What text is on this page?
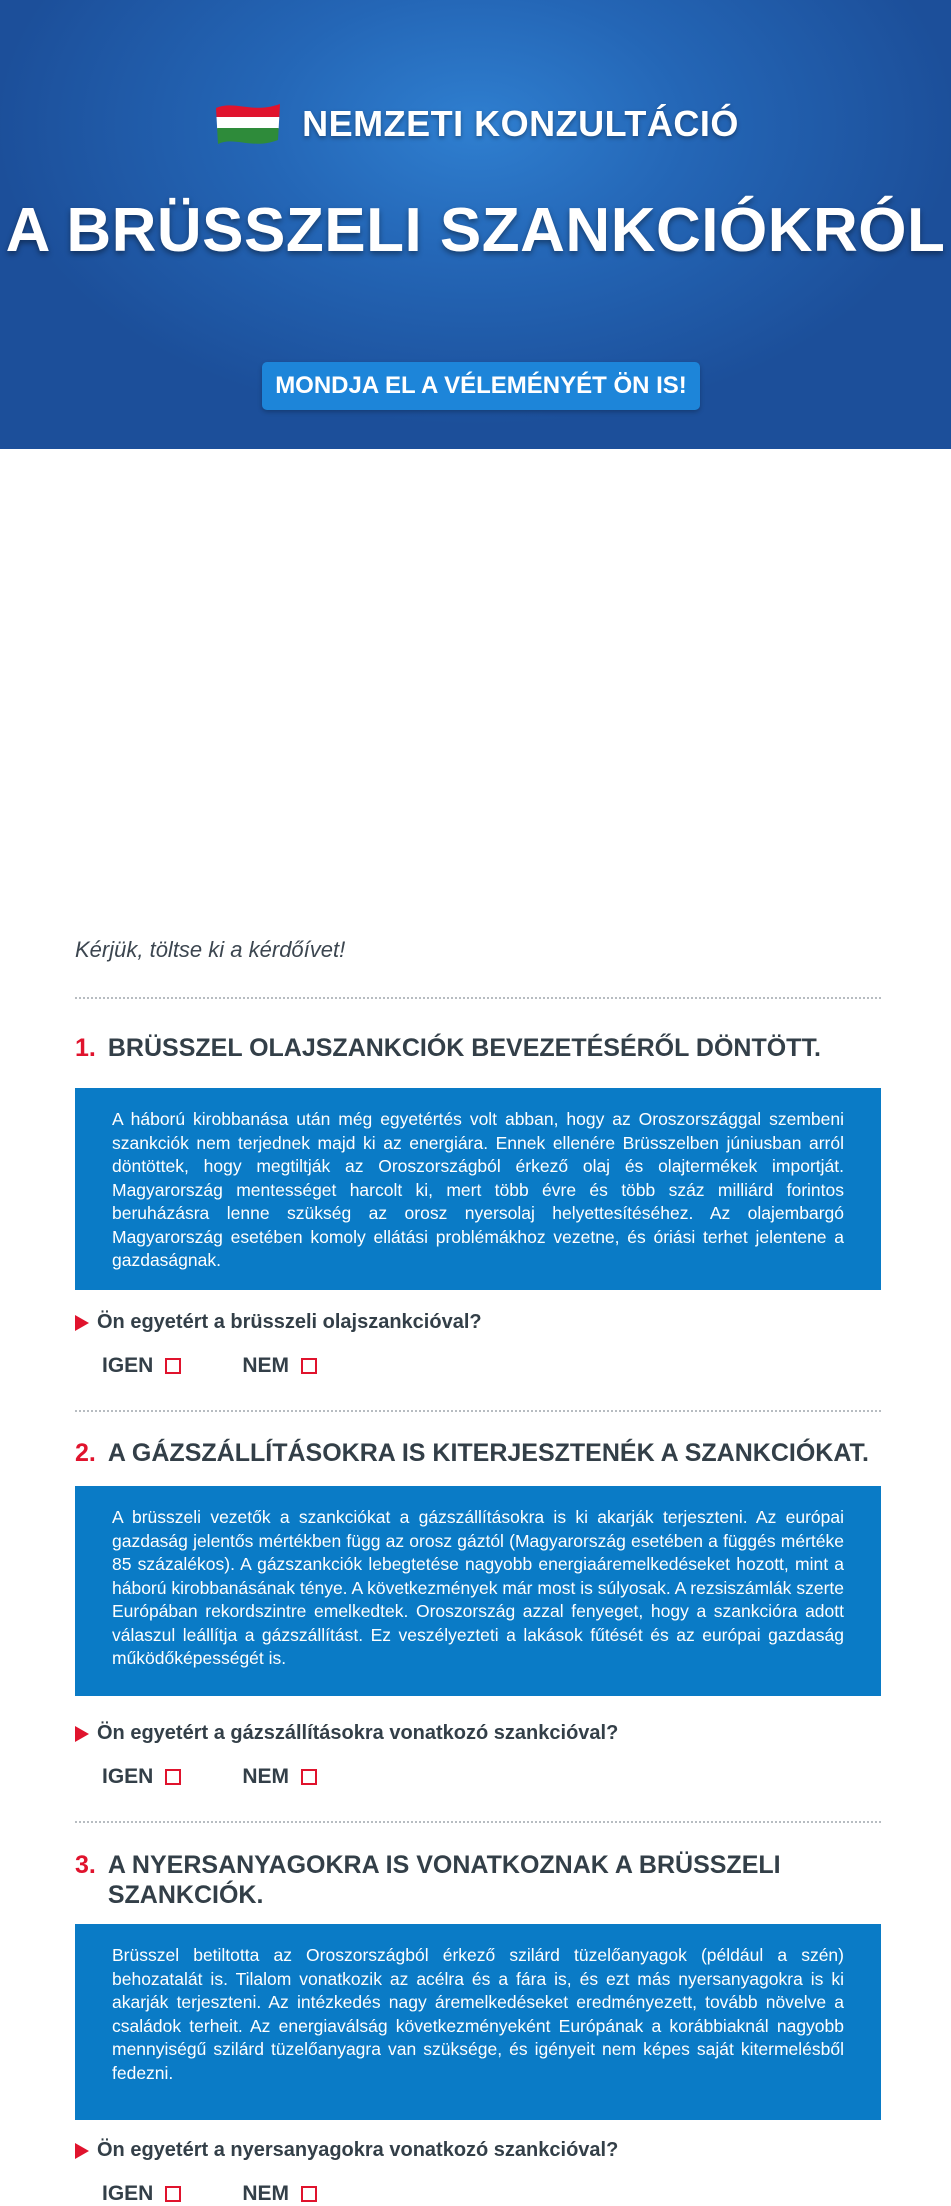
NEMZETI KONZULTÁCIÓ
A BRÜSSZELI SZANKCIÓKRÓL
MONDJA EL A VÉLEMÉNYÉT ÖN IS!
Kérjük, töltse ki a kérdőívet!
1. BRÜSSZEL OLAJSZANKCIÓK BEVEZETÉSÉRŐL DÖNTÖTT.
A háború kirobbanása után még egyetértés volt abban, hogy az Oroszországgal szembeni szankciók nem terjednek majd ki az energiára. Ennek ellenére Brüsszelben júniusban arról döntöttek, hogy megtiltják az Oroszországból érkező olaj és olajtermékek importját. Magyarország mentességet harcolt ki, mert több évre és több száz milliárd forintos beruházásra lenne szükség az orosz nyersolaj helyettesítéséhez. Az olajembargó Magyarország esetében komoly ellátási problémákhoz vezetne, és óriási terhet jelentene a gazdaságnak.
Ön egyetért a brüsszeli olajszankcióval?
IGEN	NEM
2. A GÁZSZÁLLÍTÁSOKRA IS KITERJESZTENÉK A SZANKCIÓKAT.
A brüsszeli vezetők a szankciókat a gázszállításokra is ki akarják terjeszteni. Az európai gazdaság jelentős mértékben függ az orosz gáztól (Magyarország esetében a függés mértéke 85 százalékos). A gázszankciók lebegtetése nagyobb energiaáremelkedéseket hozott, mint a háború kirobbanásának ténye. A következmények már most is súlyosak. A rezsiszámlák szerte Európában rekordszintre emelkedtek. Oroszország azzal fenyeget, hogy a szankcióra adott válaszul leállítja a gázszállítást. Ez veszélyezteti a lakások fűtését és az európai gazdaság működőképességét is.
Ön egyetért a gázszállításokra vonatkozó szankcióval?
IGEN	NEM
3. A NYERSANYAGOKRA IS VONATKOZNAK A BRÜSSZELI SZANKCIÓK.
Brüsszel betiltotta az Oroszországból érkező szilárd tüzelőanyagok (például a szén) behozatalát is. Tilalom vonatkozik az acélra és a fára is, és ezt más nyersanyagokra is ki akarják terjeszteni. Az intézkedés nagy áremelkedéseket eredményezett, tovább növelve a családok terheit. Az energiaválság következményeként Európának a korábbiaknál nagyobb mennyiségű szilárd tüzelőanyagra van szüksége, és igényeit nem képes saját kitermelésből fedezni.
Ön egyetért a nyersanyagokra vonatkozó szankcióval?
IGEN	NEM
